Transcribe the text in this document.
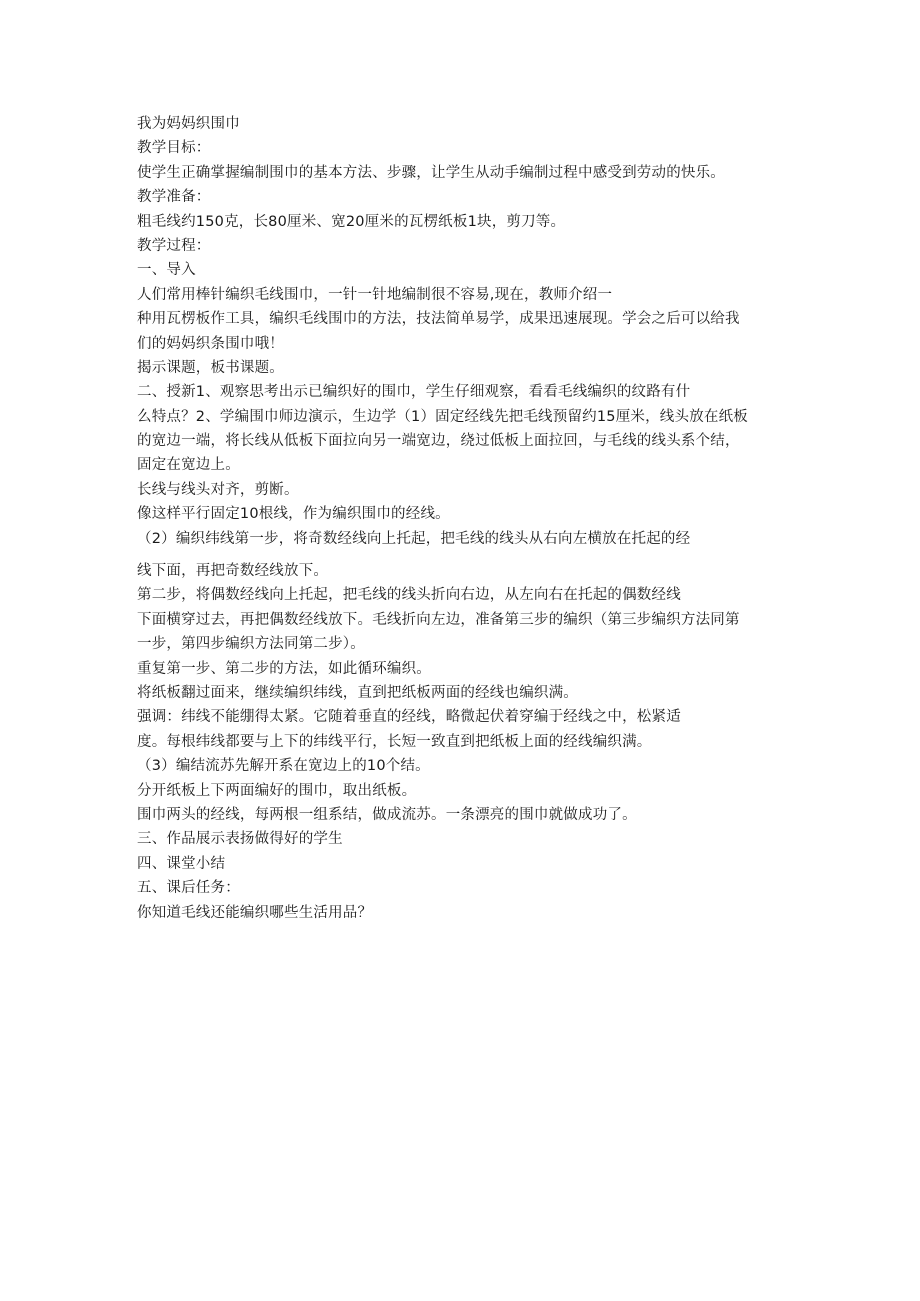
我为妈妈织围巾
教学目标：
使学生正确掌握编制围巾的基本方法、步骤，让学生从动手编制过程中感受到劳动的快乐。
教学准备：
粗毛线约150克，长80厘米、宽20厘米的瓦楞纸板1块，剪刀等。
教学过程：
一、导入
人们常用棒针编织毛线围巾，一针一针地编制很不容易,现在，教师介绍一
种用瓦楞板作工具，编织毛线围巾的方法，技法简单易学，成果迅速展现。学会之后可以给我
们的妈妈织条围巾哦！
揭示课题，板书课题。
二、授新1、观察思考出示已编织好的围巾，学生仔细观察，看看毛线编织的纹路有什
么特点？2、学编围巾师边演示，生边学（1）固定经线先把毛线预留约15厘米，线头放在纸板
的宽边一端，将长线从低板下面拉向另一端宽边，绕过低板上面拉回，与毛线的线头系个结，
固定在宽边上。
长线与线头对齐，剪断。
像这样平行固定10根线，作为编织围巾的经线。
（2）编织纬线第一步，将奇数经线向上托起，把毛线的线头从右向左横放在托起的经
线下面，再把奇数经线放下。
第二步，将偶数经线向上托起，把毛线的线头折向右边，从左向右在托起的偶数经线
下面横穿过去，再把偶数经线放下。毛线折向左边，准备第三步的编织（第三步编织方法同第
一步，第四步编织方法同第二步）。
重复第一步、第二步的方法，如此循环编织。
将纸板翻过面来，继续编织纬线，直到把纸板两面的经线也编织满。
强调：纬线不能绷得太紧。它随着垂直的经线，略微起伏着穿编于经线之中，松紧适
度。每根纬线都要与上下的纬线平行，长短一致直到把纸板上面的经线编织满。
（3）编结流苏先解开系在宽边上的10个结。
分开纸板上下两面编好的围巾，取出纸板。
围巾两头的经线，每两根一组系结，做成流苏。一条漂亮的围巾就做成功了。
三、作品展示表扬做得好的学生
四、课堂小结
五、课后任务：
你知道毛线还能编织哪些生活用品？
